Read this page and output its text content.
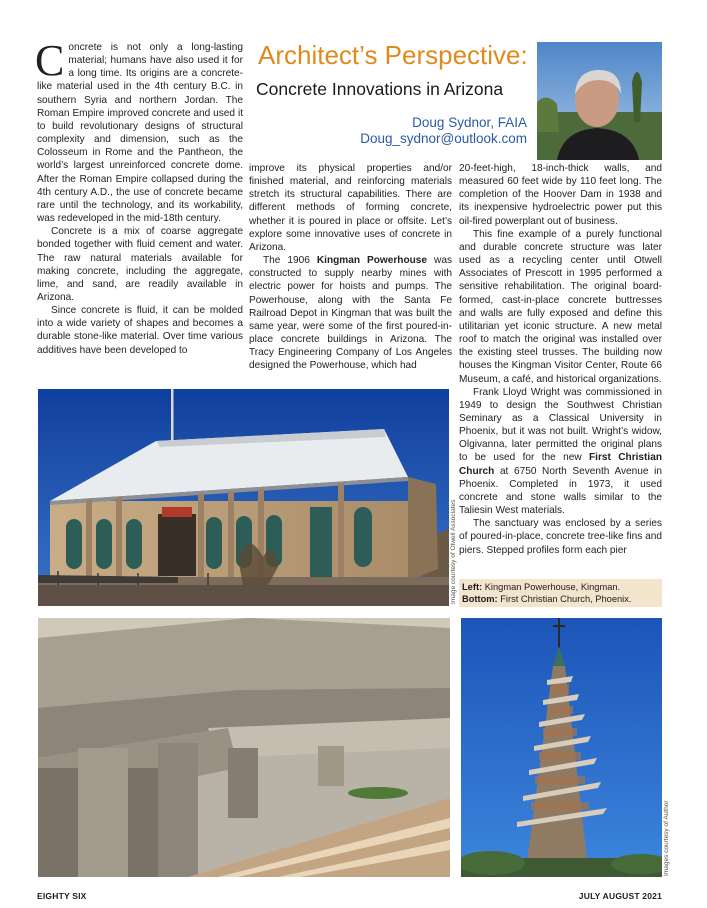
Architect’s Perspective:
Concrete Innovations in Arizona
Doug Sydnor, FAIA
Doug_sydnor@outlook.com

Concrete is not only a long-lasting material; humans have also used it for a long time. Its origins are a concrete-like material used in the 4th century B.C. in southern Syria and northern Jordan. The Roman Empire improved concrete and used it to build revolutionary designs of structural complexity and dimension, such as the Colosseum in Rome and the Pantheon, the world’s largest unreinforced concrete dome. After the Roman Empire collapsed during the 4th century A.D., the use of concrete became rare until the technology, and its workability, was redeveloped in the mid-18th century.

Concrete is a mix of coarse aggregate bonded together with fluid cement and water. The raw natural materials available for making concrete, including the aggregate, lime, and sand, are readily available in Arizona.

Since concrete is fluid, it can be molded into a wide variety of shapes and becomes a durable stone-like material. Over time various additives have been developed to

improve its physical properties and/or finished material, and reinforcing materials stretch its structural capabilities. There are different methods of forming concrete, whether it is poured in place or offsite. Let’s explore some innovative uses of concrete in Arizona.

The 1906 Kingman Powerhouse was constructed to supply nearby mines with electric power for hoists and pumps. The Powerhouse, along with the Santa Fe Railroad Depot in Kingman that was built the same year, were some of the first poured-in-place concrete buildings in Arizona. The Tracy Engineering Company of Los Angeles designed the Powerhouse, which had

20-feet-high, 18-inch-thick walls, and measured 60 feet wide by 110 feet long. The completion of the Hoover Dam in 1938 and its inexpensive hydroelectric power put this oil-fired powerplant out of business.

This fine example of a purely functional and durable concrete structure was later used as a recycling center until Otwell Associates of Prescott in 1995 performed a sensitive rehabilitation. The original board-formed, cast-in-place concrete buttresses and walls are fully exposed and define this utilitarian yet iconic structure. A new metal roof to match the original was installed over the existing steel trusses. The building now houses the Kingman Visitor Center, Route 66 Museum, a café, and historical organizations.

Frank Lloyd Wright was commissioned in 1949 to design the Southwest Christian Seminary as a Classical University in Phoenix, but it was not built. Wright’s widow, Olgivanna, later permitted the original plans to be used for the new First Christian Church at 6750 North Seventh Avenue in Phoenix. Completed in 1973, it used concrete and stone walls similar to the Taliesin West materials.

The sanctuary was enclosed by a series of poured-in-place, concrete tree-like fins and piers. Stepped profiles form each pier

Image courtesy of Otwell Associates Left: Kingman Powerhouse, Kingman.
Bottom: First Christian Church, Phoenix.
Images courtesy of Author
EIGHTY SIX	JULY AUGUST 2021
